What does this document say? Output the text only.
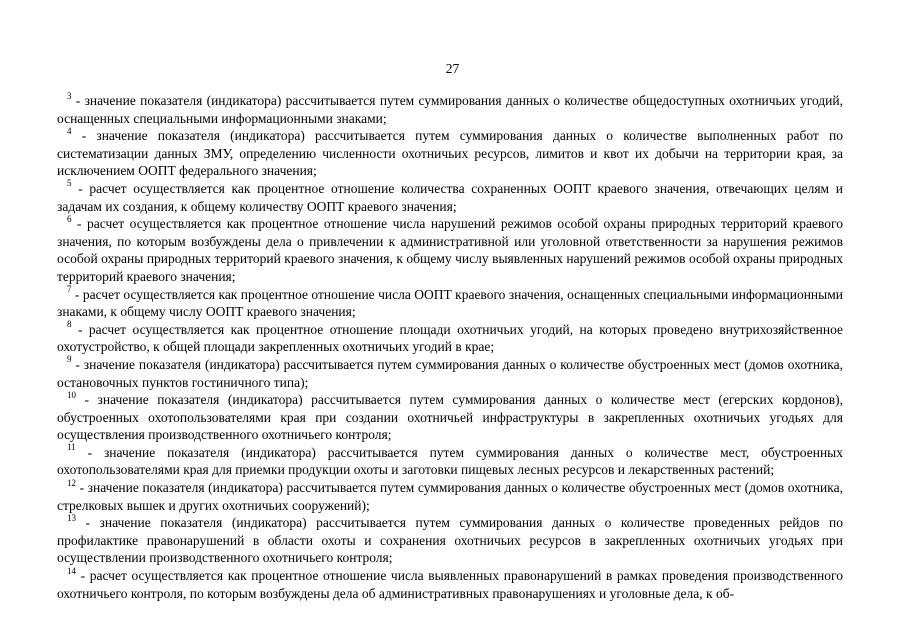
27

$^3$ - значение показателя (индикатора) рассчитывается путем суммирования данных о количестве общедоступных охотничьих угодий, оснащенных специальными информационными знаками;

$^4$ - значение показателя (индикатора) рассчитывается путем суммирования данных о количестве выполненных работ по систематизации данных ЗМУ, определению численности охотничьих ресурсов, лимитов и квот их добычи на территории края, за исключением ООПТ федерального значения;

$^5$ - расчет осуществляется как процентное отношение количества сохраненных ООПТ краевого значения, отвечающих целям и задачам их создания, к общему количеству ООПТ краевого значения;

$^6$ - расчет осуществляется как процентное отношение числа нарушений режимов особой охраны природных территорий краевого значения, по которым возбуждены дела о привлечении к административной или уголовной ответственности за нарушения режимов особой охраны природных территорий краевого значения, к общему числу выявленных нарушений режимов особой охраны природных территорий краевого значения;

$^7$ - расчет осуществляется как процентное отношение числа ООПТ краевого значения, оснащенных специальными информационными знаками, к общему числу ООПТ краевого значения;

$^8$ - расчет осуществляется как процентное отношение площади охотничьих угодий, на которых проведено внутрихозяйственное охотустройство, к общей площади закрепленных охотничьих угодий в крае;

$^9$ - значение показателя (индикатора) рассчитывается путем суммирования данных о количестве обустроенных мест (домов охотника, остановочных пунктов гостиничного типа);

$^{10}$ - значение показателя (индикатора) рассчитывается путем суммирования данных о количестве мест (егерских кордонов), обустроенных охотопользователями края при создании охотничьей инфраструктуры в закрепленных охотничьих угодьях для осуществления производственного охотничьего контроля;

$^{11}$ - значение показателя (индикатора) рассчитывается путем суммирования данных о количестве мест, обустроенных охотопользователями края для приемки продукции охоты и заготовки пищевых лесных ресурсов и лекарственных растений;

$^{12}$ - значение показателя (индикатора) рассчитывается путем суммирования данных о количестве обустроенных мест (домов охотника, стрелковых вышек и других охотничьих сооружений);

$^{13}$ - значение показателя (индикатора) рассчитывается путем суммирования данных о количестве проведенных рейдов по профилактике правонарушений в области охоты и сохранения охотничьих ресурсов в закрепленных охотничьих угодьях при осуществлении производственного охотничьего контроля;

$^{14}$ - расчет осуществляется как процентное отношение числа выявленных правонарушений в рамках проведения производственного охотничьего контроля, по которым возбуждены дела об административных правонарушениях и уголовные дела, к об-
